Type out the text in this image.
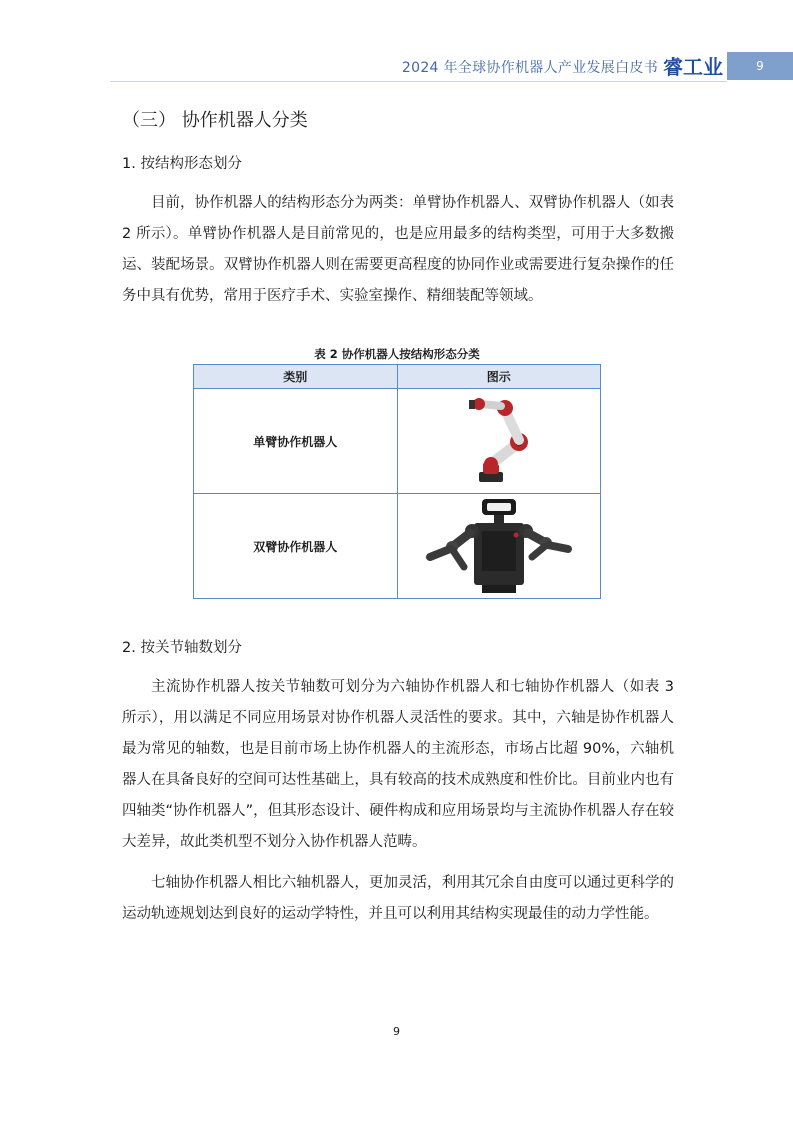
2024 年全球协作机器人产业发展白皮书 睿工业	9
（三） 协作机器人分类
1. 按结构形态划分
目前，协作机器人的结构形态分为两类：单臂协作机器人、双臂协作机器人（如表 2 所示）。单臂协作机器人是目前常见的，也是应用最多的结构类型，可用于大多数搬运、装配场景。双臂协作机器人则在需要更高程度的协同作业或需要进行复杂操作的任务中具有优势，常用于医疗手术、实验室操作、精细装配等领域。
表 2 协作机器人按结构形态分类
类别	图示
单臂协作机器人	
双臂协作机器人	
2. 按关节轴数划分
主流协作机器人按关节轴数可划分为六轴协作机器人和七轴协作机器人（如表 3 所示），用以满足不同应用场景对协作机器人灵活性的要求。其中，六轴是协作机器人最为常见的轴数，也是目前市场上协作机器人的主流形态，市场占比超 90%，六轴机器人在具备良好的空间可达性基础上，具有较高的技术成熟度和性价比。目前业内也有四轴类“协作机器人”，但其形态设计、硬件构成和应用场景均与主流协作机器人存在较大差异，故此类机型不划分入协作机器人范畴。
七轴协作机器人相比六轴机器人，更加灵活，利用其冗余自由度可以通过更科学的运动轨迹规划达到良好的运动学特性，并且可以利用其结构实现最佳的动力学性能。
9
